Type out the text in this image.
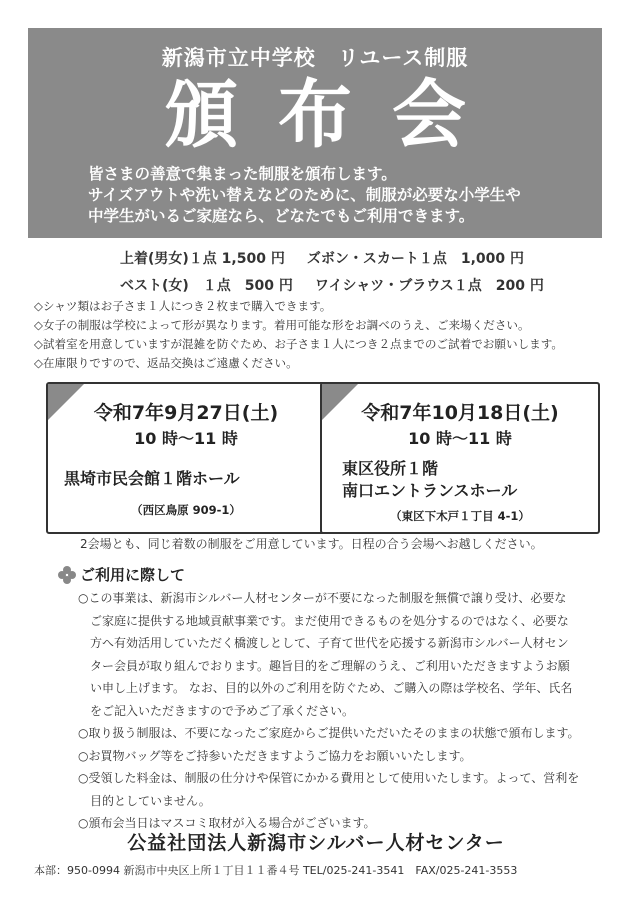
新潟市立中学校　リユース制服
頒布会
皆さまの善意で集まった制服を頒布します。
サイズアウトや洗い替えなどのために、制服が必要な小学生や
中学生がいるご家庭なら、どなたでもご利用できます。
上着(男女)１点 1,500 円 ズボン・スカート１点　1,000 円
ベスト(女)　１点　500 円 ワイシャツ・ブラウス１点　200 円
◇シャツ類はお子さま１人につき２枚まで購入できます。
◇女子の制服は学校によって形が異なります。着用可能な形をお調べのうえ、ご来場ください。
◇試着室を用意していますが混雑を防ぐため、お子さま１人につき２点までのご試着でお願いします。
◇在庫限りですので、返品交換はご遠慮ください。
令和7年9月27日(土)
10 時～11 時
黒埼市民会館１階ホール
（西区鳥原 909-1）
令和7年10月18日(土)
10 時～11 時
東区役所１階
南口エントランスホール
（東区下木戸１丁目 4-1）
2会場とも、同じ着数の制服をご用意しています。日程の合う会場へお越しください。
ご利用に際して

○この事業は、新潟市シルバー人材センターが不要になった制服を無償で譲り受け、必要な

ご家庭に提供する地域貢献事業です。まだ使用できるものを処分するのではなく、必要な

方へ有効活用していただく橋渡しとして、子育て世代を応援する新潟市シルバー人材セン

ター会員が取り組んでおります。趣旨目的をご理解のうえ、ご利用いただきますようお願

い申し上げます。 なお、目的以外のご利用を防ぐため、ご購入の際は学校名、学年、氏名

をご記入いただきますので予めご了承ください。

○取り扱う制服は、不要になったご家庭からご提供いただいたそのままの状態で頒布します。

○お買物バッグ等をご持参いただきますようご協力をお願いいたします。

○受領した料金は、制服の仕分けや保管にかかる費用として使用いたします。よって、営利を

目的としていません。

○頒布会当日はマスコミ取材が入る場合がございます。

公益社団法人新潟市シルバー人材センター
本部：950-0994 新潟市中央区上所１丁目１１番４号 TEL/025-241-3541　FAX/025-241-3553
